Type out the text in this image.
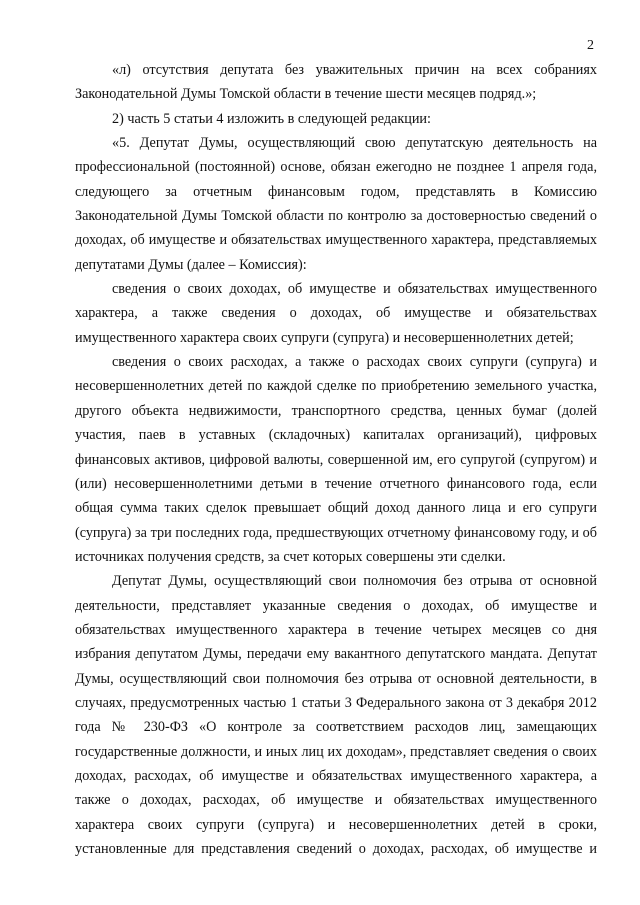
2

«л) отсутствия депутата без уважительных причин на всех собраниях Законодательной Думы Томской области в течение шести месяцев подряд.»;

2) часть 5 статьи 4 изложить в следующей редакции:

«5. Депутат Думы, осуществляющий свою депутатскую деятельность на профессиональной (постоянной) основе, обязан ежегодно не позднее 1 апреля года, следующего за отчетным финансовым годом, представлять в Комиссию Законодательной Думы Томской области по контролю за достоверностью сведений о доходах, об имуществе и обязательствах имущественного характера, представляемых депутатами Думы (далее – Комиссия):

сведения о своих доходах, об имуществе и обязательствах имущественного характера, а также сведения о доходах, об имуществе и обязательствах имущественного характера своих супруги (супруга) и несовершеннолетних детей;

сведения о своих расходах, а также о расходах своих супруги (супруга) и несовершеннолетних детей по каждой сделке по приобретению земельного участка, другого объекта недвижимости, транспортного средства, ценных бумаг (долей участия, паев в уставных (складочных) капиталах организаций), цифровых финансовых активов, цифровой валюты, совершенной им, его супругой (супругом) и (или) несовершеннолетними детьми в течение отчетного финансового года, если общая сумма таких сделок превышает общий доход данного лица и его супруги (супруга) за три последних года, предшествующих отчетному финансовому году, и об источниках получения средств, за счет которых совершены эти сделки.

Депутат Думы, осуществляющий свои полномочия без отрыва от основной деятельности, представляет указанные сведения о доходах, об имуществе и обязательствах имущественного характера в течение четырех месяцев со дня избрания депутатом Думы, передачи ему вакантного депутатского мандата. Депутат Думы, осуществляющий свои полномочия без отрыва от основной деятельности, в случаях, предусмотренных частью 1 статьи 3 Федерального закона от 3 декабря 2012 года № 230-ФЗ «О контроле за соответствием расходов лиц, замещающих государственные должности, и иных лиц их доходам», представляет сведения о своих доходах, расходах, об имуществе и обязательствах имущественного характера, а также о доходах, расходах, об имуществе и обязательствах имущественного характера своих супруги (супруга) и несовершеннолетних детей в сроки, установленные для представления сведений о доходах, расходах, об имуществе и
